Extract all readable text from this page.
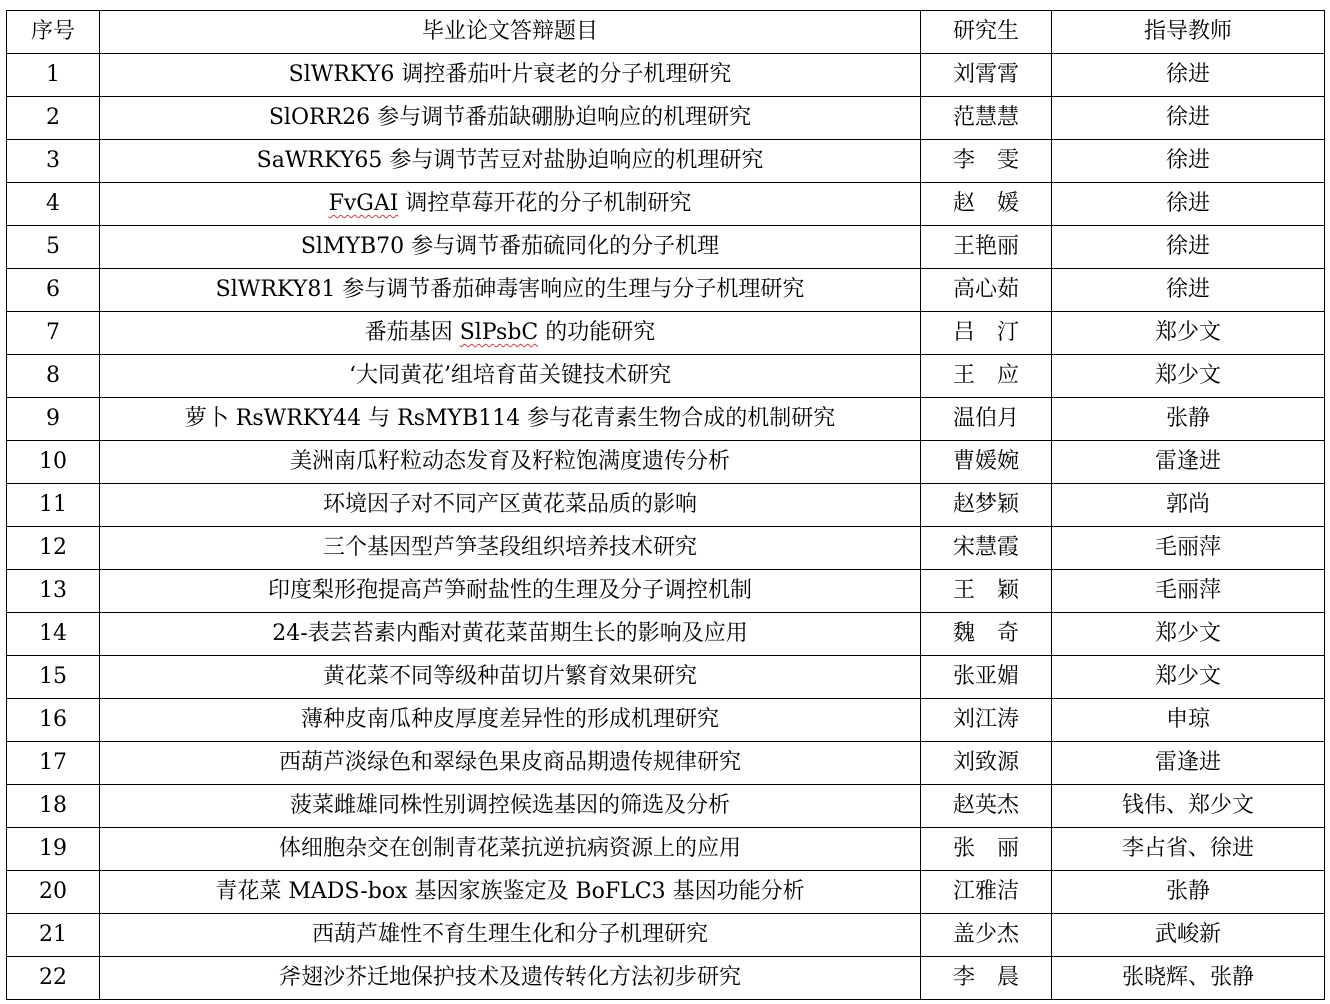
序号	毕业论文答辩题目	研究生	指导教师
1	SlWRKY6 调控番茄叶片衰老的分子机理研究	刘霄霄	徐进
2	SlORR26 参与调节番茄缺硼胁迫响应的机理研究	范慧慧	徐进
3	SaWRKY65 参与调节苦豆对盐胁迫响应的机理研究	李　雯	徐进
4	FvGAI 调控草莓开花的分子机制研究	赵　媛	徐进
5	SlMYB70 参与调节番茄硫同化的分子机理	王艳丽	徐进
6	SlWRKY81 参与调节番茄砷毒害响应的生理与分子机理研究	高心茹	徐进
7	番茄基因 SlPsbC 的功能研究	吕　汀	郑少文
8	‘大同黄花’组培育苗关键技术研究	王　应	郑少文
9	萝卜 RsWRKY44 与 RsMYB114 参与花青素生物合成的机制研究	温伯月	张静
10	美洲南瓜籽粒动态发育及籽粒饱满度遗传分析	曹媛婉	雷逢进
11	环境因子对不同产区黄花菜品质的影响	赵梦颖	郭尚
12	三个基因型芦笋茎段组织培养技术研究	宋慧霞	毛丽萍
13	印度梨形孢提高芦笋耐盐性的生理及分子调控机制	王　颖	毛丽萍
14	24-表芸苔素内酯对黄花菜苗期生长的影响及应用	魏　奇	郑少文
15	黄花菜不同等级种苗切片繁育效果研究	张亚媚	郑少文
16	薄种皮南瓜种皮厚度差异性的形成机理研究	刘江涛	申琼
17	西葫芦淡绿色和翠绿色果皮商品期遗传规律研究	刘致源	雷逢进
18	菠菜雌雄同株性别调控候选基因的筛选及分析	赵英杰	钱伟、郑少文
19	体细胞杂交在创制青花菜抗逆抗病资源上的应用	张　丽	李占省、徐进
20	青花菜 MADS-box 基因家族鉴定及 BoFLC3 基因功能分析	江雅洁	张静
21	西葫芦雄性不育生理生化和分子机理研究	盖少杰	武峻新
22	斧翅沙芥迁地保护技术及遗传转化方法初步研究	李　晨	张晓辉、张静
